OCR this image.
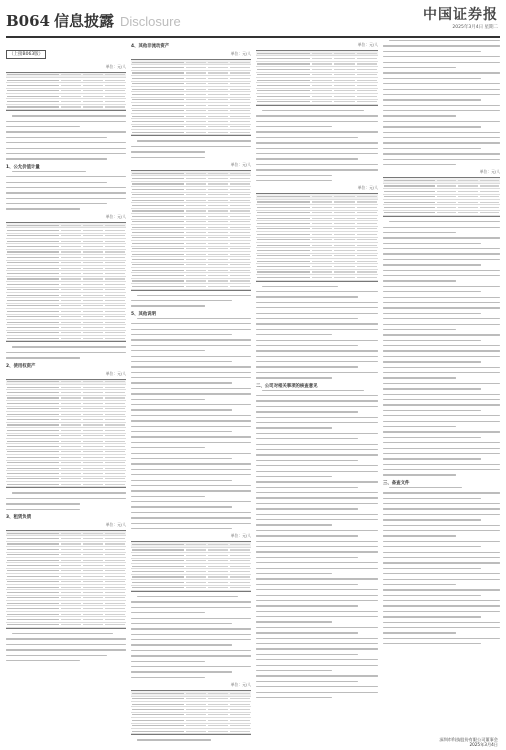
B064 信息披露 Disclosure	中国证券报
2025年3月4日 星期二
（上接B063版）
单位：元/人
1、公允价值计量
单位：元/人
2、使用权资产
单位：元/人
3、租赁负债
单位：元/人
4、其他非流动资产
单位：元/人
单位：元/人
5、其他说明
单位：元/人
单位：元/人
单位：元/人
单位：元/人
二、公司对相关事项的核查意见
单位：元/人
三、备查文件
深圳市科技股份有限公司董事会
2025年3月4日
